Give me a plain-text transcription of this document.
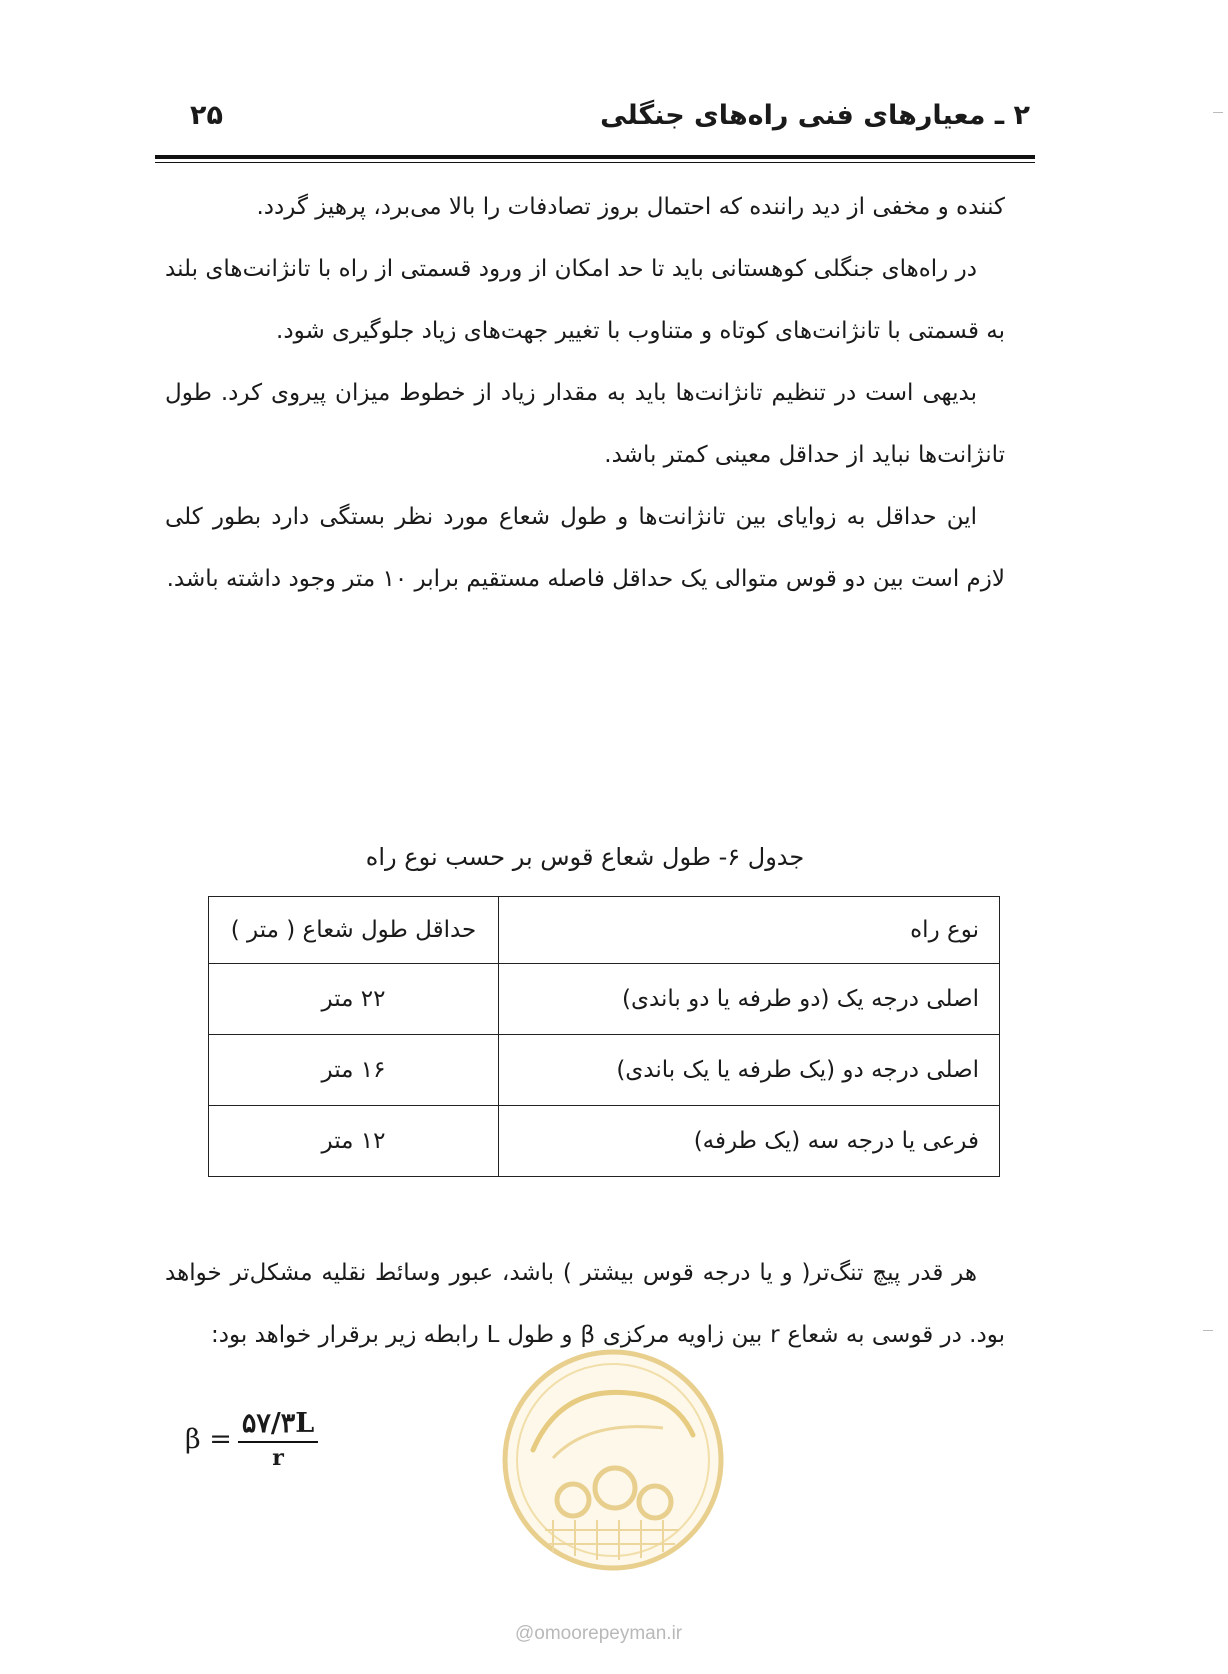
۲ ـ معیارهای فنی راه‌های جنگلی
۲۵

کننده و مخفی از دید راننده که احتمال بروز تصادفات را بالا می‌برد، پرهیز گردد.

در راه‌های جنگلی کوهستانی باید تا حد امکان از ورود قسمتی از راه با تانژانت‌های بلند به قسمتی با تانژانت‌های کوتاه و متناوب با تغییر جهت‌های زیاد جلوگیری شود.

بدیهی است در تنظیم تانژانت‌ها باید به مقدار زیاد از خطوط میزان پیروی کرد. طول تانژانت‌ها نباید از حداقل معینی کمتر باشد.

این حداقل به زوایای بین تانژانت‌ها و طول شعاع مورد نظر بستگی دارد بطور کلی لازم است بین دو قوس متوالی یک حداقل فاصله مستقیم برابر ۱۰ متر وجود داشته باشد.

جدول ۶- طول شعاع قوس بر حسب نوع راه
نوع راه	حداقل طول شعاع ( متر )
اصلی درجه یک (دو طرفه یا دو باندی)	۲۲ متر
اصلی درجه دو (یک طرفه یا یک باندی)	۱۶ متر
فرعی یا درجه سه (یک طرفه)	۱۲ متر

هر قدر پیچ تنگ‌تر( و یا درجه قوس بیشتر ) باشد، عبور وسائط نقلیه مشکل‌تر خواهد بود. در قوسی به شعاع r بین زاویه مرکزی β و طول L رابطه زیر برقرار خواهد بود:

$\beta = \frac{۵۷/۳L}{r}$
@omoorepeyman.ir
